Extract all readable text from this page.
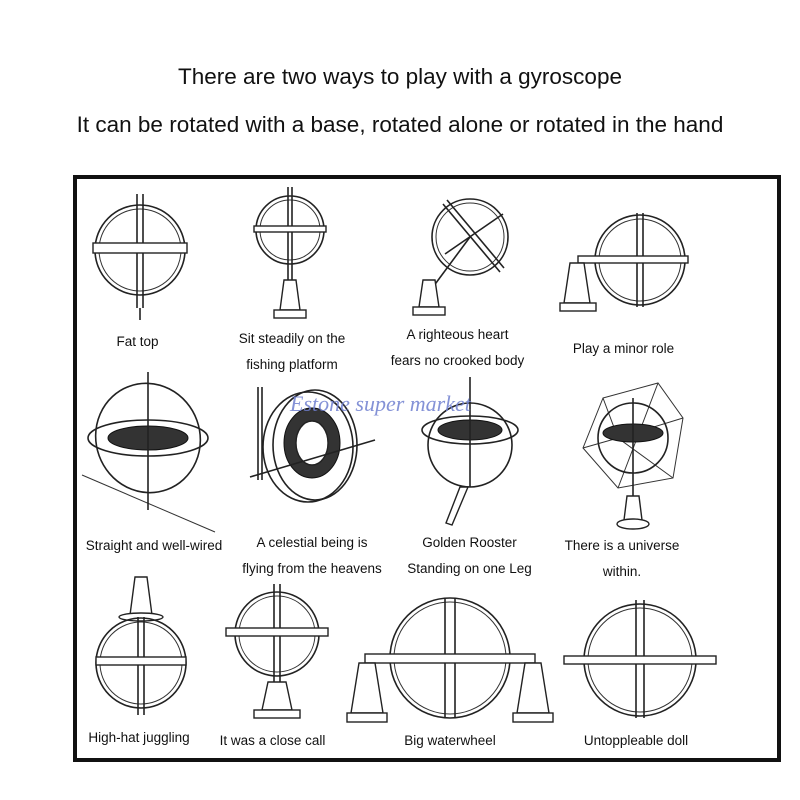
There are two ways to play with a gyroscope
It can be rotated with a base, rotated alone or rotated in the hand
Fat top	Sit steadily on the
fishing platform
A righteous heart
fears no crooked body
Play a minor role
Straight and well-wired	A celestial being is
flying from the heavens
Golden Rooster
Standing on one Leg
There is a universe
within.
High-hat juggling	It was a close call	Big waterwheel	Untoppleable doll
Estone super market
